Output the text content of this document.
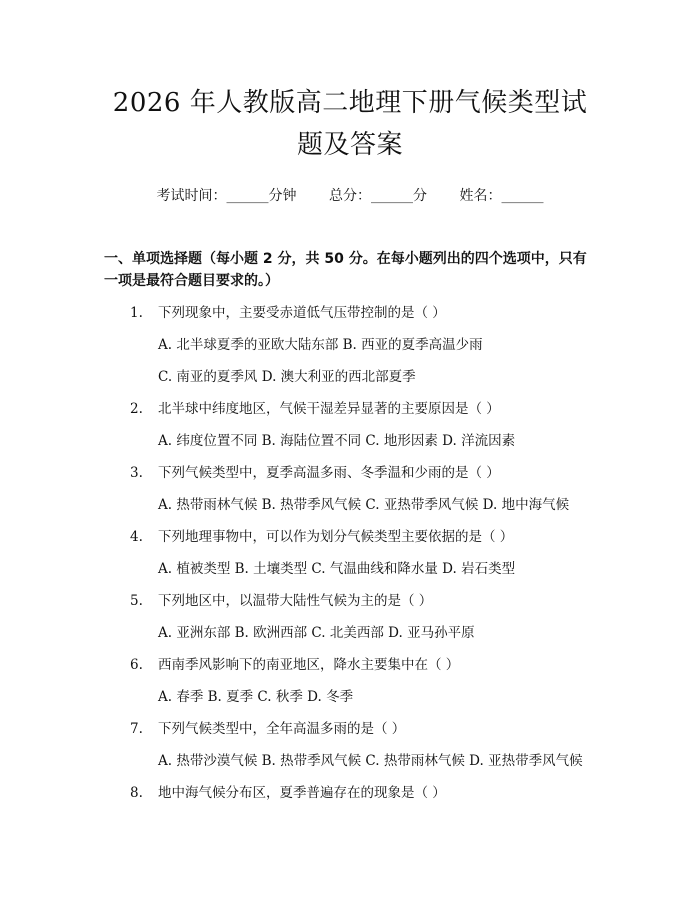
2026 年人教版高二地理下册气候类型试题及答案
考试时间：______分钟 总分：______分 姓名：______
一、单项选择题（每小题 2 分，共 50 分。在每小题列出的四个选项中，只有一项是最符合题目要求的。）
1. 下列现象中，主要受赤道低气压带控制的是（ ）
A. 北半球夏季的亚欧大陆东部 B. 西亚的夏季高温少雨
C. 南亚的夏季风 D. 澳大利亚的西北部夏季
2. 北半球中纬度地区，气候干湿差异显著的主要原因是（ ）
A. 纬度位置不同 B. 海陆位置不同 C. 地形因素 D. 洋流因素
3. 下列气候类型中，夏季高温多雨、冬季温和少雨的是（ ）
A. 热带雨林气候 B. 热带季风气候 C. 亚热带季风气候 D. 地中海气候
4. 下列地理事物中，可以作为划分气候类型主要依据的是（ ）
A. 植被类型 B. 土壤类型 C. 气温曲线和降水量 D. 岩石类型
5. 下列地区中，以温带大陆性气候为主的是（ ）
A. 亚洲东部 B. 欧洲西部 C. 北美西部 D. 亚马孙平原
6. 西南季风影响下的南亚地区，降水主要集中在（ ）
A. 春季 B. 夏季 C. 秋季 D. 冬季
7. 下列气候类型中，全年高温多雨的是（ ）
A. 热带沙漠气候 B. 热带季风气候 C. 热带雨林气候 D. 亚热带季风气候
8. 地中海气候分布区，夏季普遍存在的现象是（ ）
